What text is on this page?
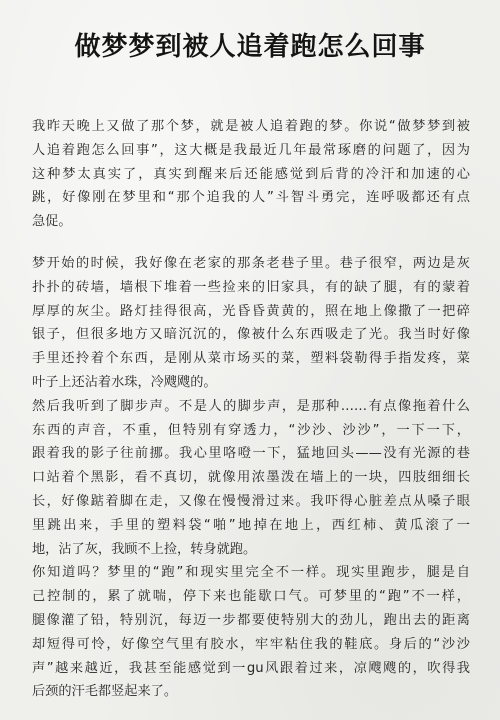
做梦梦到被人追着跑怎么回事
我昨天晚上又做了那个梦，就是被人追着跑的梦。你说“做梦梦到被
人追着跑怎么回事”，这大概是我最近几年最常琢磨的问题了，因为
这种梦太真实了，真实到醒来后还能感觉到后背的冷汗和加速的心
跳，好像刚在梦里和“那个追我的人”斗智斗勇完，连呼吸都还有点
急促。
梦开始的时候，我好像在老家的那条老巷子里。巷子很窄，两边是灰
扑扑的砖墙，墙根下堆着一些捡来的旧家具，有的缺了腿，有的蒙着
厚厚的灰尘。路灯挂得很高，光昏昏黄黄的，照在地上像撒了一把碎
银子，但很多地方又暗沉沉的，像被什么东西吸走了光。我当时好像
手里还拎着个东西，是刚从菜市场买的菜，塑料袋勒得手指发疼，菜
叶子上还沾着水珠，冷飕飕的。
然后我听到了脚步声。不是人的脚步声，是那种……有点像拖着什么
东西的声音，不重，但特别有穿透力，“沙沙、沙沙”，一下一下，
跟着我的影子往前挪。我心里咯噔一下，猛地回头——没有光源的巷
口站着个黑影，看不真切，就像用浓墨泼在墙上的一块，四肢细细长
长，好像踮着脚在走，又像在慢慢滑过来。我吓得心脏差点从嗓子眼
里跳出来，手里的塑料袋“啪”地掉在地上，西红柿、黄瓜滚了一
地，沾了灰，我顾不上捡，转身就跑。
你知道吗？梦里的“跑”和现实里完全不一样。现实里跑步，腿是自
己控制的，累了就喘，停下来也能歇口气。可梦里的“跑”不一样，
腿像灌了铅，特别沉，每迈一步都要使特别大的劲儿，跑出去的距离
却短得可怜，好像空气里有胶水，牢牢粘住我的鞋底。身后的“沙沙
声”越来越近，我甚至能感觉到一gu风跟着过来，凉飕飕的，吹得我
后颈的汗毛都竖起来了。
